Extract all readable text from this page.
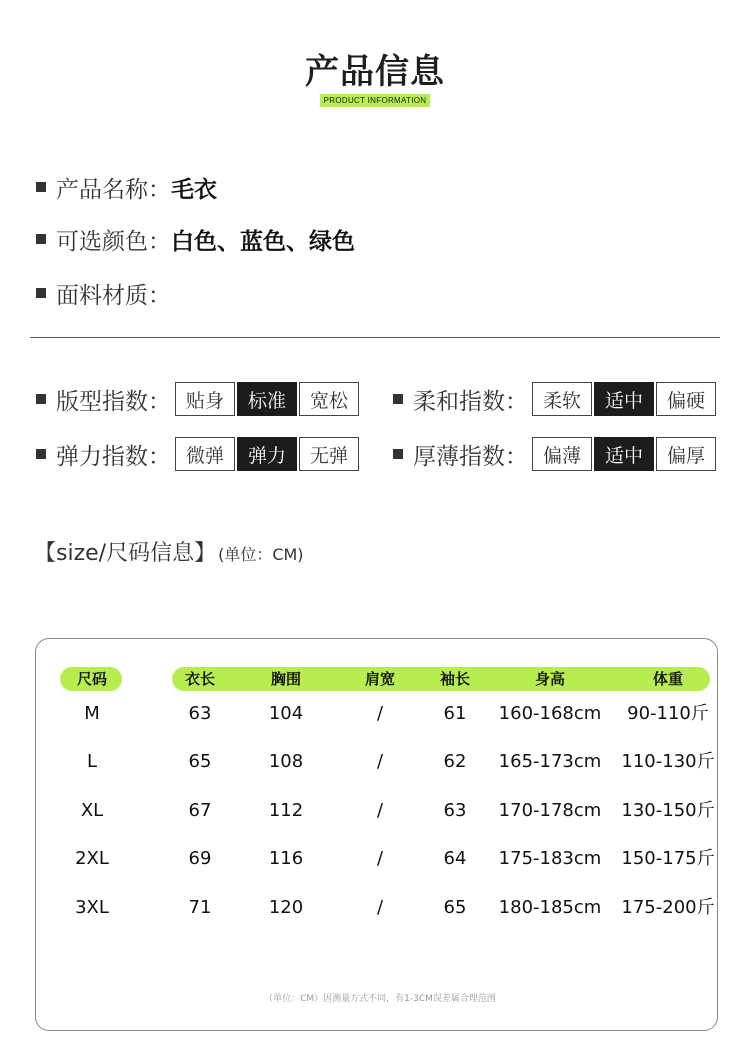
产品信息
PRODUCT INFORMATION
产品名称： 毛衣
可选颜色： 白色、蓝色、绿色
面料材质：
版型指数： 贴身	标准	宽松	柔和指数： 柔软	适中	偏硬
弹力指数： 微弹	弹力	无弹	厚薄指数： 偏薄	适中	偏厚
【size/尺码信息】 (单位：CM)
尺码	衣长	胸围	肩宽	袖长	身高	体重
M	63	104	/	61 160-168cm 90-110斤
L	65	108	/	62 165-173cm 110-130斤
XL	67	112	/	63 170-178cm 130-150斤
2XL	69	116	/	64 175-183cm 150-175斤
3XL	71	120	/	65 180-185cm 175-200斤
（单位：CM）因测量方式不同，有1-3CM误差属合理范围
